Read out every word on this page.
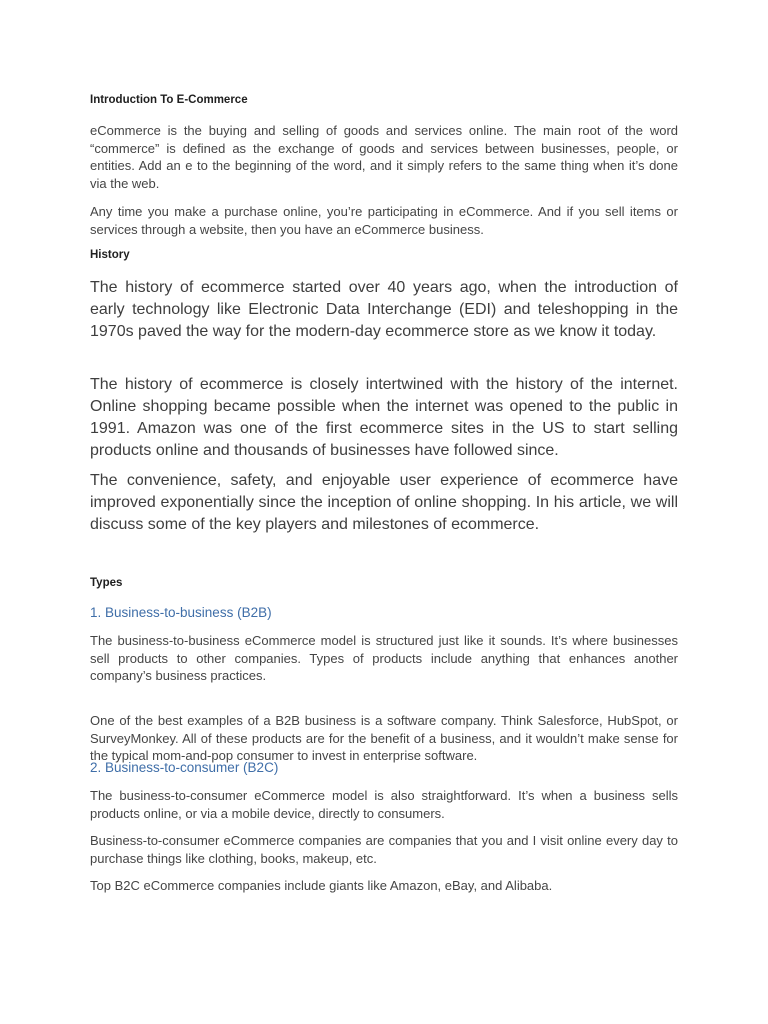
Introduction To E-Commerce

eCommerce is the buying and selling of goods and services online. The main root of the word “commerce” is defined as the exchange of goods and services between businesses, people, or entities. Add an e to the beginning of the word, and it simply refers to the same thing when it’s done via the web.

Any time you make a purchase online, you’re participating in eCommerce. And if you sell items or services through a website, then you have an eCommerce business.

History

The history of ecommerce started over 40 years ago, when the introduction of early technology like Electronic Data Interchange (EDI) and teleshopping in the 1970s paved the way for the modern-day ecommerce store as we know it today.

The history of ecommerce is closely intertwined with the history of the internet. Online shopping became possible when the internet was opened to the public in 1991. Amazon was one of the first ecommerce sites in the US to start selling products online and thousands of businesses have followed since.

The convenience, safety, and enjoyable user experience of ecommerce have improved exponentially since the inception of online shopping. In his article, we will discuss some of the key players and milestones of ecommerce.

Types

1. Business-to-business (B2B)

The business-to-business eCommerce model is structured just like it sounds. It’s where businesses sell products to other companies. Types of products include anything that enhances another company’s business practices.

One of the best examples of a B2B business is a software company. Think Salesforce, HubSpot, or SurveyMonkey. All of these products are for the benefit of a business, and it wouldn’t make sense for the typical mom-and-pop consumer to invest in enterprise software.

2. Business-to-consumer (B2C)

The business-to-consumer eCommerce model is also straightforward. It’s when a business sells products online, or via a mobile device, directly to consumers.

Business-to-consumer eCommerce companies are companies that you and I visit online every day to purchase things like clothing, books, makeup, etc.

Top B2C eCommerce companies include giants like Amazon, eBay, and Alibaba.
